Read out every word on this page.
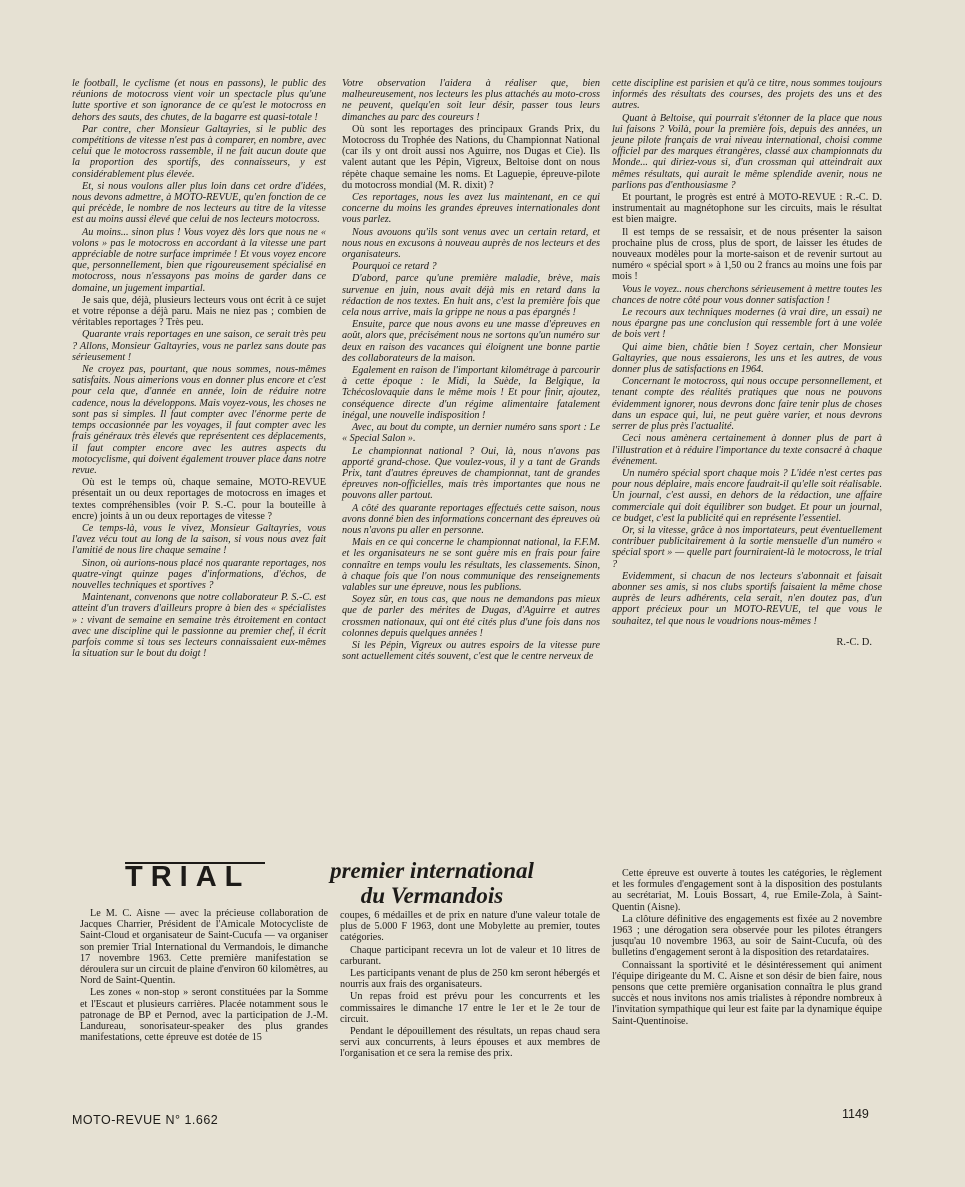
le football, le cyclisme (et nous en passons), le public des réunions de motocross vient voir un spectacle plus qu'une lutte sportive et son ignorance de ce qu'est le motocross en dehors des sauts, des chutes, de la bagarre est quasi-totale !

Par contre, cher Monsieur Galtayries, si le public des compétitions de vitesse n'est pas à comparer, en nombre, avec celui que le motocross rassemble, il ne fait aucun doute que la proportion des sportifs, des connaisseurs, y est considérablement plus élevée.

Et, si nous voulons aller plus loin dans cet ordre d'idées, nous devons admettre, à MOTO-REVUE, qu'en fonction de ce qui précède, le nombre de nos lecteurs au titre de la vitesse est au moins aussi élevé que celui de nos lecteurs motocross.

Au moins... sinon plus ! Vous voyez dès lors que nous ne « volons » pas le motocross en accordant à la vitesse une part appréciable de notre surface imprimée ! Et vous voyez encore que, personnellement, bien que rigoureusement spécialisé en motocross, nous n'essayons pas moins de garder dans ce domaine, un jugement impartial.

Je sais que, déjà, plusieurs lecteurs vous ont écrit à ce sujet et votre réponse a déjà paru. Mais ne niez pas ; combien de véritables reportages ? Très peu.

Quarante vrais reportages en une saison, ce serait très peu ? Allons, Monsieur Galtayries, vous ne parlez sans doute pas sérieusement !

Ne croyez pas, pourtant, que nous sommes, nous-mêmes satisfaits. Nous aimerions vous en donner plus encore et c'est pour cela que, d'année en année, loin de réduire notre cadence, nous la développons. Mais voyez-vous, les choses ne sont pas si simples. Il faut compter avec l'énorme perte de temps occasionnée par les voyages, il faut compter avec les frais généraux très élevés que représentent ces déplacements, il faut compter encore avec les autres aspects du motocyclisme, qui doivent également trouver place dans notre revue.

Où est le temps où, chaque semaine, MOTO-REVUE présentait un ou deux reportages de motocross en images et textes compréhensibles (voir P. S.-C. pour la bouteille à encre) joints à un ou deux reportages de vitesse ?

Ce temps-là, vous le vivez, Monsieur Galtayries, vous l'avez vécu tout au long de la saison, si vous nous avez fait l'amitié de nous lire chaque semaine !

Sinon, où aurions-nous placé nos quarante reportages, nos quatre-vingt quinze pages d'informations, d'échos, de nouvelles techniques et sportives ?

Maintenant, convenons que notre collaborateur P. S.-C. est atteint d'un travers d'ailleurs propre à bien des « spécialistes » : vivant de semaine en semaine très étroitement en contact avec une discipline qui le passionne au premier chef, il écrit parfois comme si tous ses lecteurs connaissaient eux-mêmes la situation sur le bout du doigt !

Votre observation l'aidera à réaliser que, bien malheureusement, nos lecteurs les plus attachés au moto-cross ne peuvent, quelqu'en soit leur désir, passer tous leurs dimanches au parc des coureurs !

Où sont les reportages des principaux Grands Prix, du Motocross du Trophée des Nations, du Championnat National (car ils y ont droit aussi nos Aguirre, nos Dugas et Cie). Ils valent autant que les Pépin, Vigreux, Beltoise dont on nous répète chaque semaine les noms. Et Laguepie, épreuve-pilote du motocross mondial (M. R. dixit) ?

Ces reportages, nous les avez lus maintenant, en ce qui concerne du moins les grandes épreuves internationales dont vous parlez.

Nous avouons qu'ils sont venus avec un certain retard, et nous nous en excusons à nouveau auprès de nos lecteurs et des organisateurs.

Pourquoi ce retard ?

D'abord, parce qu'une première maladie, brève, mais survenue en juin, nous avait déjà mis en retard dans la rédaction de nos textes. En huit ans, c'est la première fois que cela nous arrive, mais la grippe ne nous a pas épargnés !

Ensuite, parce que nous avons eu une masse d'épreuves en août, alors que, précisément nous ne sortons qu'un numéro sur deux en raison des vacances qui éloignent une bonne partie des collaborateurs de la maison.

Egalement en raison de l'important kilométrage à parcourir à cette époque : le Midi, la Suède, la Belgique, la Tchécoslovaquie dans le même mois ! Et pour finir, ajoutez, conséquence directe d'un régime alimentaire fatalement inégal, une nouvelle indisposition !

Avec, au bout du compte, un dernier numéro sans sport : Le « Special Salon ».

Le championnat national ? Oui, là, nous n'avons pas apporté grand-chose. Que voulez-vous, il y a tant de Grands Prix, tant d'autres épreuves de championnat, tant de grandes épreuves non-officielles, mais très importantes que nous ne pouvons aller partout.

A côté des quarante reportages effectués cette saison, nous avons donné bien des informations concernant des épreuves où nous n'avons pu aller en personne.

Mais en ce qui concerne le championnat national, la F.F.M. et les organisateurs ne se sont guère mis en frais pour faire connaître en temps voulu les résultats, les classements. Sinon, à chaque fois que l'on nous communique des renseignements valables sur une épreuve, nous les publions.

Soyez sûr, en tous cas, que nous ne demandons pas mieux que de parler des mérites de Dugas, d'Aguirre et autres crossmen nationaux, qui ont été cités plus d'une fois dans nos colonnes depuis quelques années !

Si les Pépin, Vigreux ou autres espoirs de la vitesse pure sont actuellement cités souvent, c'est que le centre nerveux de

cette discipline est parisien et qu'à ce titre, nous sommes toujours informés des résultats des courses, des projets des uns et des autres.

Quant à Beltoise, qui pourrait s'étonner de la place que nous lui faisons ? Voilà, pour la première fois, depuis des années, un jeune pilote français de vrai niveau international, choisi comme officiel par des marques étrangères, classé aux championnats du Monde... qui diriez-vous si, d'un crossman qui atteindrait aux mêmes résultats, qui aurait le même splendide avenir, nous ne parlions pas d'enthousiasme ?

Et pourtant, le progrès est entré à MOTO-REVUE : R.-C. D. instrumentait au magnétophone sur les circuits, mais le résultat est bien maigre.

Il est temps de se ressaisir, et de nous présenter la saison prochaine plus de cross, plus de sport, de laisser les études de nouveaux modèles pour la morte-saison et de revenir surtout au numéro « spécial sport » à 1,50 ou 2 francs au moins une fois par mois !

Vous le voyez.. nous cherchons sérieusement à mettre toutes les chances de notre côté pour vous donner satisfaction !

Le recours aux techniques modernes (à vrai dire, un essai) ne nous épargne pas une conclusion qui ressemble fort à une volée de bois vert !

Qui aime bien, châtie bien ! Soyez certain, cher Monsieur Galtayries, que nous essaierons, les uns et les autres, de vous donner plus de satisfactions en 1964.

Concernant le motocross, qui nous occupe personnellement, et tenant compte des réalités pratiques que nous ne pouvons évidemment ignorer, nous devrons donc faire tenir plus de choses dans un espace qui, lui, ne peut guère varier, et nous devrons serrer de plus près l'actualité.

Ceci nous amènera certainement à donner plus de part à l'illustration et à réduire l'importance du texte consacré à chaque événement.

Un numéro spécial sport chaque mois ? L'idée n'est certes pas pour nous déplaire, mais encore faudrait-il qu'elle soit réalisable. Un journal, c'est aussi, en dehors de la rédaction, une affaire commerciale qui doit équilibrer son budget. Et pour un journal, ce budget, c'est la publicité qui en représente l'essentiel.

Or, si la vitesse, grâce à nos importateurs, peut éventuellement contribuer publicitairement à la sortie mensuelle d'un numéro « spécial sport » — quelle part fourniraient-là le motocross, le trial ?

Evidemment, si chacun de nos lecteurs s'abonnait et faisait abonner ses amis, si nos clubs sportifs faisaient la même chose auprès de leurs adhérents, cela serait, n'en doutez pas, d'un apport précieux pour un MOTO-REVUE, tel que vous le souhaitez, tel que nous le voudrions nous-mêmes !

R.-C. D.
TRIAL	premier international
du Vermandois

Le M. C. Aisne — avec la précieuse collaboration de Jacques Charrier, Président de l'Amicale Motocycliste de Saint-Cloud et organisateur de Saint-Cucufa — va organiser son premier Trial International du Vermandois, le dimanche 17 novembre 1963. Cette première manifestation se déroulera sur un circuit de plaine d'environ 60 kilomètres, au Nord de Saint-Quentin.

Les zones « non-stop » seront constituées par la Somme et l'Escaut et plusieurs carrières. Placée notamment sous le patronage de BP et Pernod, avec la participation de J.-M. Landureau, sonorisateur-speaker des plus grandes manifestations, cette épreuve est dotée de 15

coupes, 6 médailles et de prix en nature d'une valeur totale de plus de 5.000 F 1963, dont une Mobylette au premier, toutes catégories.

Chaque participant recevra un lot de valeur et 10 litres de carburant.

Les participants venant de plus de 250 km seront hébergés et nourris aux frais des organisateurs.

Un repas froid est prévu pour les concurrents et les commissaires le dimanche 17 entre le 1er et le 2e tour de circuit.

Pendant le dépouillement des résultats, un repas chaud sera servi aux concurrents, à leurs épouses et aux membres de l'organisation et ce sera la remise des prix.

Cette épreuve est ouverte à toutes les catégories, le règlement et les formules d'engagement sont à la disposition des postulants au secrétariat, M. Louis Bossart, 4, rue Emile-Zola, à Saint-Quentin (Aisne).

La clôture définitive des engagements est fixée au 2 novembre 1963 ; une dérogation sera observée pour les pilotes étrangers jusqu'au 10 novembre 1963, au soir de Saint-Cucufa, où des bulletins d'engagement seront à la disposition des retardataires.

Connaissant la sportivité et le désintéressement qui animent l'équipe dirigeante du M. C. Aisne et son désir de bien faire, nous pensons que cette première organisation connaîtra le plus grand succès et nous invitons nos amis trialistes à répondre nombreux à l'invitation sympathique qui leur est faite par la dynamique équipe Saint-Quentinoise.

MOTO-REVUE N° 1.662	1149
